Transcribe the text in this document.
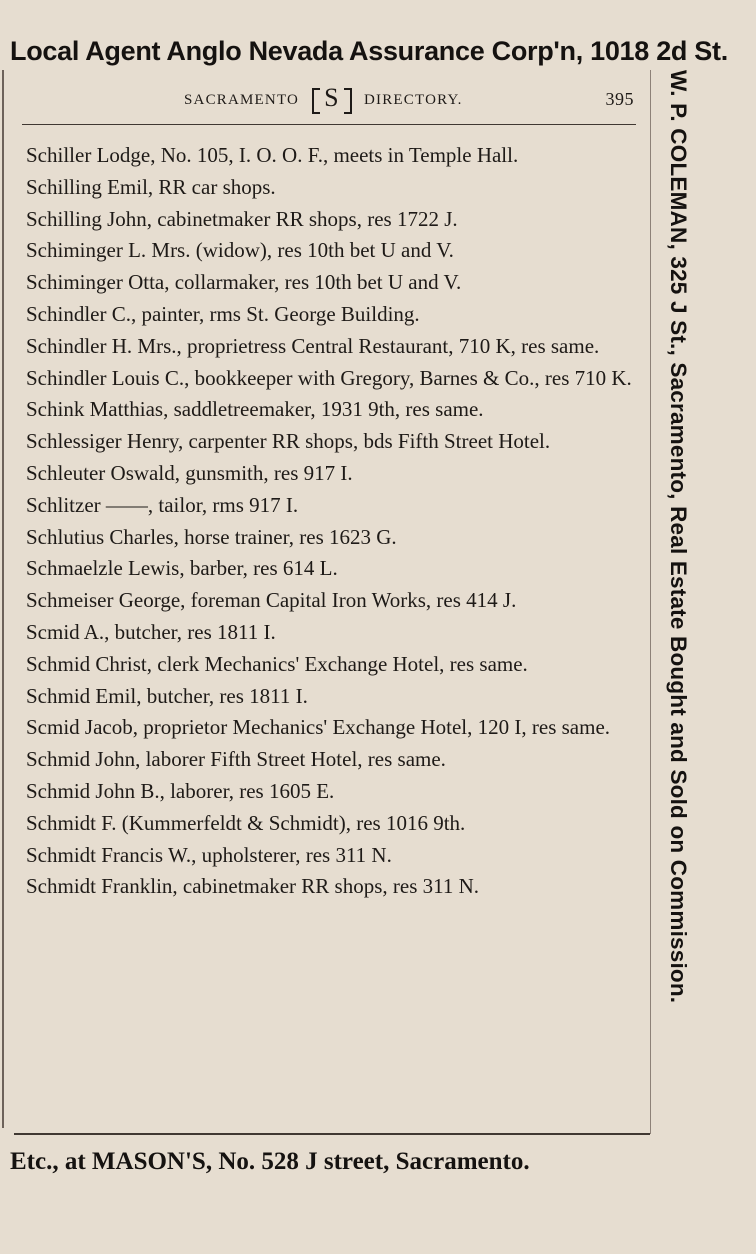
Local Agent Anglo Nevada Assurance Corp'n, 1018 2d St.
SACRAMENTO S	DIRECTORY.	395

Schiller Lodge, No. 105, I. O. O. F., meets in Temple Hall.

Schilling Emil, RR car shops.

Schilling John, cabinetmaker RR shops, res 1722 J.

Schiminger L. Mrs. (widow), res 10th bet U and V.

Schiminger Otta, collarmaker, res 10th bet U and V.

Schindler C., painter, rms St. George Building.

Schindler H. Mrs., proprietress Central Restaurant, 710 K, res same.

Schindler Louis C., bookkeeper with Gregory, Barnes & Co., res 710 K.

Schink Matthias, saddletreemaker, 1931 9th, res same.

Schlessiger Henry, carpenter RR shops, bds Fifth Street Hotel.

Schleuter Oswald, gunsmith, res 917 I.

Schlitzer ——, tailor, rms 917 I.

Schlutius Charles, horse trainer, res 1623 G.

Schmaelzle Lewis, barber, res 614 L.

Schmeiser George, foreman Capital Iron Works, res 414 J.

Scmid A., butcher, res 1811 I.

Schmid Christ, clerk Mechanics' Exchange Hotel, res same.

Schmid Emil, butcher, res 1811 I.

Scmid Jacob, proprietor Mechanics' Exchange Hotel, 120 I, res same.

Schmid John, laborer Fifth Street Hotel, res same.

Schmid John B., laborer, res 1605 E.

Schmidt F. (Kummerfeldt & Schmidt), res 1016 9th.

Schmidt Francis W., upholsterer, res 311 N.

Schmidt Franklin, cabinetmaker RR shops, res 311 N.	W. P. COLEMAN, 325 J St., Sacramento, Real Estate Bought and Sold on Commission.
Etc., at MASON'S, No. 528 J street, Sacramento.
